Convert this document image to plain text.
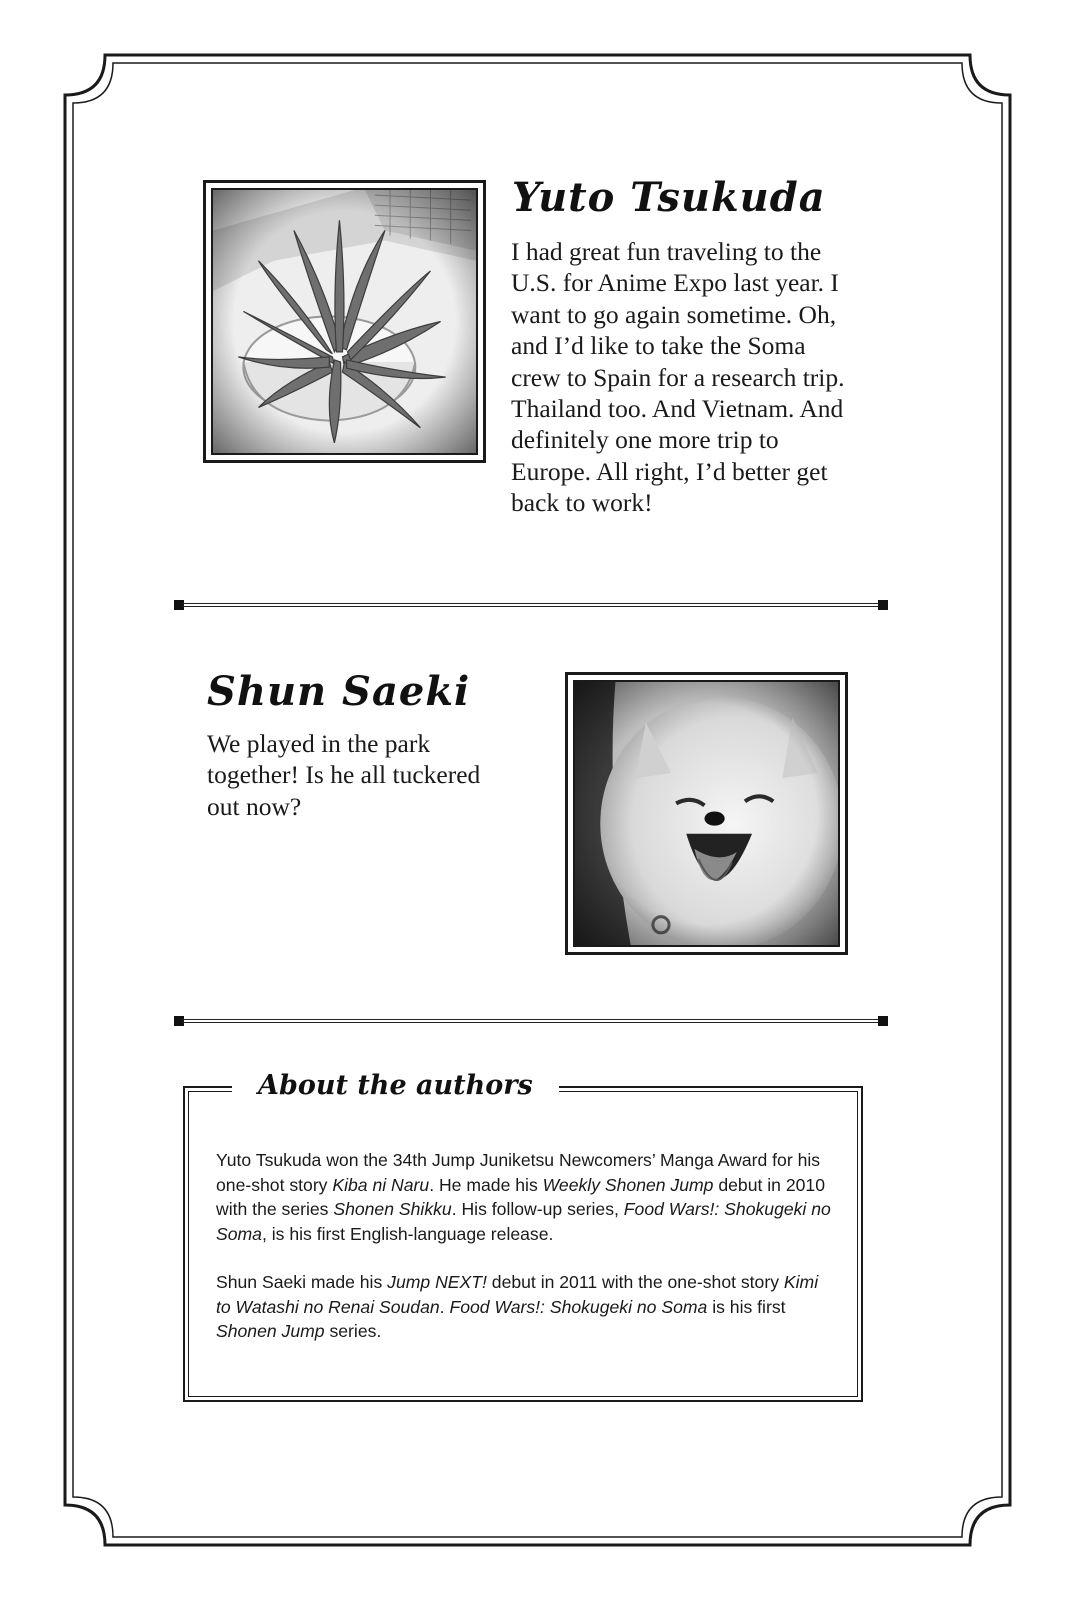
Yuto Tsukuda

I had great fun traveling to the U.S. for Anime Expo last year. I want to go again sometime. Oh, and I’d like to take the Soma crew to Spain for a research trip. Thailand too. And Vietnam. And definitely one more trip to Europe. All right, I’d better get back to work!

Shun Saeki

We played in the park together! Is he all tuckered out now?

About the authors

Yuto Tsukuda won the 34th Jump Juniketsu Newcomers’ Manga Award for his one-shot story Kiba ni Naru. He made his Weekly Shonen Jump debut in 2010 with the series Shonen Shikku. His follow-up series, Food Wars!: Shokugeki no Soma, is his first English-language release.

Shun Saeki made his Jump NEXT! debut in 2011 with the one-shot story Kimi to Watashi no Renai Soudan. Food Wars!: Shokugeki no Soma is his first Shonen Jump series.
